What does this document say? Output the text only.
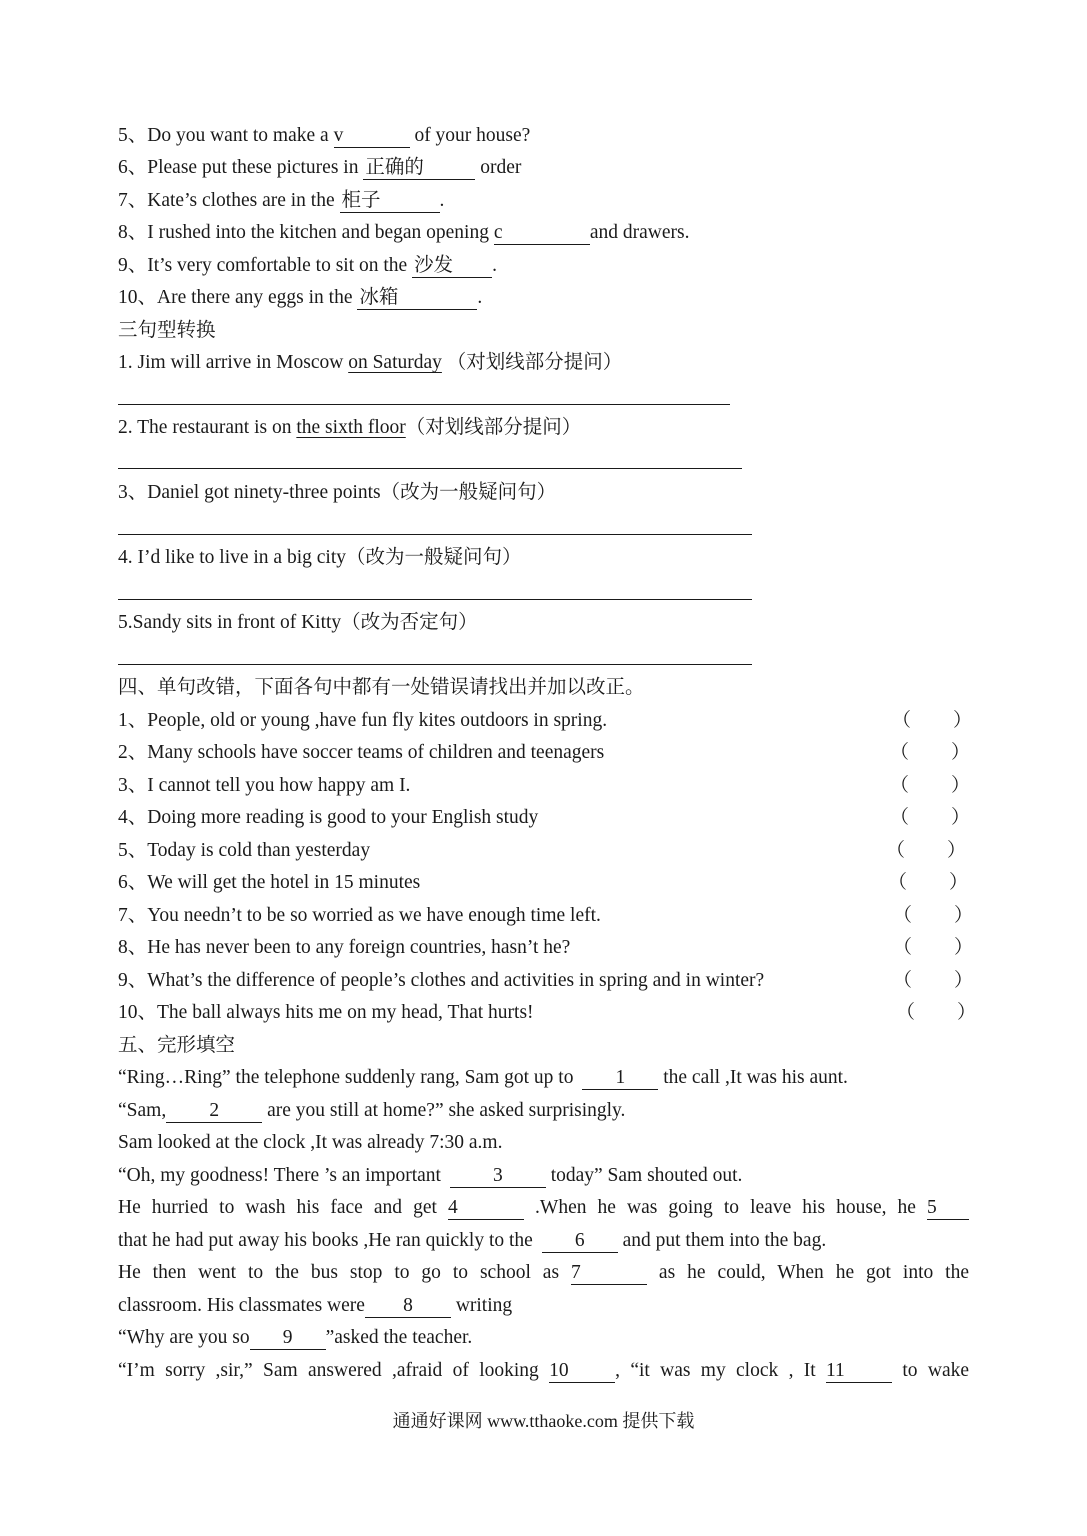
5、Do you want to make a v	of your house?
6、Please put these pictures in 正确的	order
7、Kate’s clothes are in the 柜子	.
8、I rushed into the kitchen and began opening c	and drawers.
9、It’s very comfortable to sit on the 沙发 .
10、Are there any eggs in the 冰箱	.
三句型转换
1. Jim will arrive in Moscow on Saturday （对划线部分提问）
2. The restaurant is on the sixth floor（对划线部分提问）
3、Daniel got ninety-three points（改为一般疑问句）
4. I’d like to live in a big city（改为一般疑问句）
5.Sandy sits in front of Kitty（改为否定句）
四、单句改错，下面各句中都有一处错误请找出并加以改正。
1、People, old or young ,have fun fly kites outdoors in spring.	（ ）
2、Many schools have soccer teams of children and teenagers	（ ）
3、I cannot tell you how happy am I.	（ ）
4、Doing more reading is good to your English study	（ ）
5、Today is cold than yesterday	（ ）
6、We will get the hotel in 15 minutes	（ ）
7、You needn’t to be so worried as we have enough time left.	（ ）
8、He has never been to any foreign countries, hasn’t he?	（ ）
9、What’s the difference of people’s clothes and activities in spring and in winter?	（ ）
10、The ball always hits me on my head, That hurts!	（ ）
五、完形填空
“Ring…Ring” the telephone suddenly rang, Sam got up to 1 the call ,It was his aunt.
“Sam, 2 are you still at home?” she asked surprisingly.
Sam looked at the clock ,It was already 7:30 a.m.
“Oh, my goodness! There ’s an important 3 today” Sam shouted out.
He hurried to wash his face and get 4	.When he was going to leave his house, he 5
that he had put away his books ,He ran quickly to the 6 and put them into the bag.
He then went to the bus stop to go to school as 7	as he could, When he got into the
classroom. His classmates were 8 writing
“Why are you so 9 ”asked the teacher.
“I’m sorry ,sir,” Sam answered ,afraid of looking 10 , “it was my clock , It 11 to wake
通通好课网 www.tthaoke.com 提供下载
